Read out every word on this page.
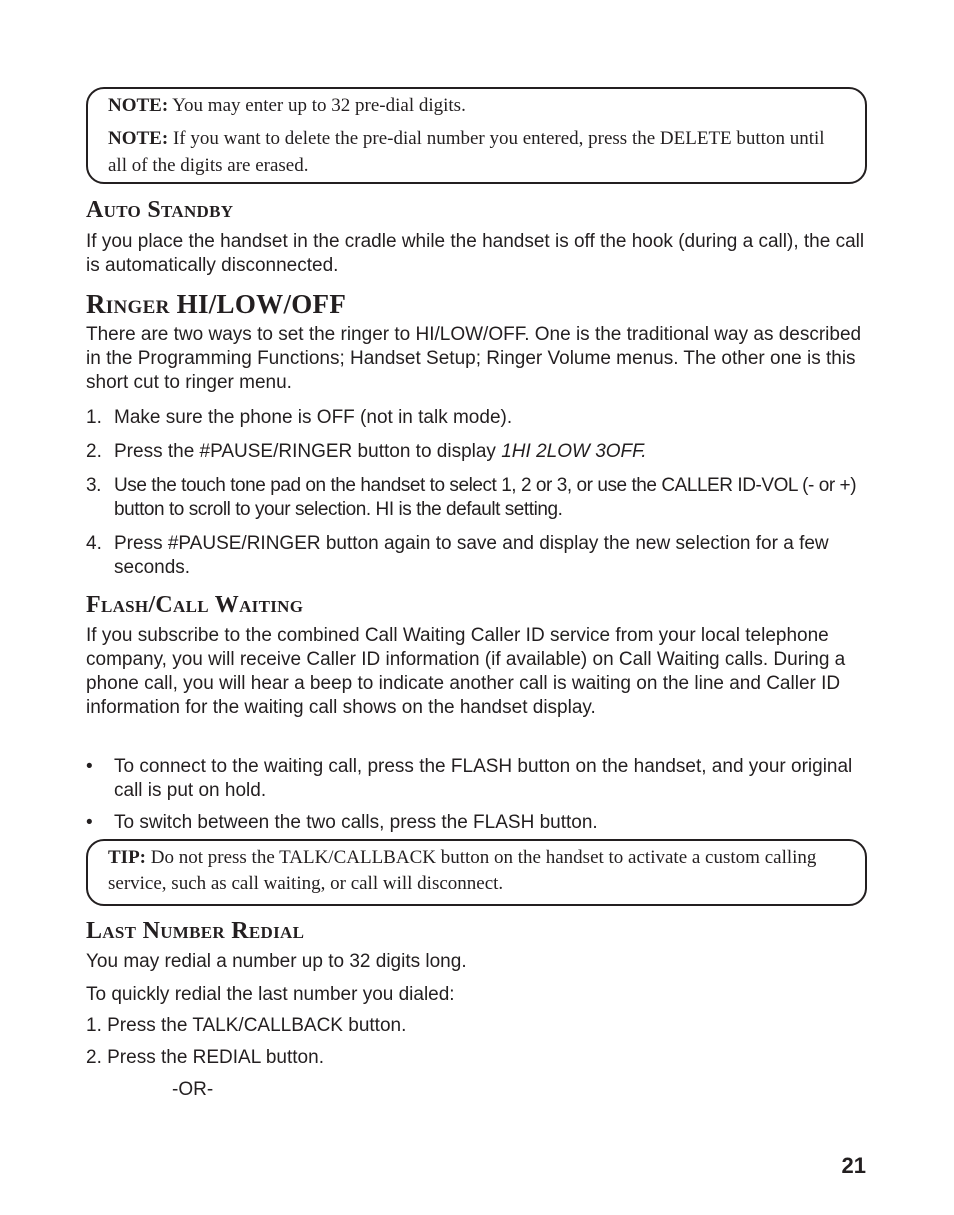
NOTE: You may enter up to 32 pre-dial digits.

NOTE: If you want to delete the pre-dial number you entered, press the DELETE button until all of the digits are erased.

Auto Standby

If you place the handset in the cradle while the handset is off the hook (during a call), the call is automatically disconnected.

Ringer HI/LOW/OFF

There are two ways to set the ringer to HI/LOW/OFF. One is the traditional way as described in the Programming Functions; Handset Setup; Ringer Volume menus. The other one is this short cut to ringer menu.

1. Make sure the phone is OFF (not in talk mode).
2. Press the #PAUSE/RINGER button to display 1HI 2LOW 3OFF.
3. Use the touch tone pad on the handset to select 1, 2 or 3, or use the CALLER ID-VOL (- or +) button to scroll to your selection. HI is the default setting.
4. Press #PAUSE/RINGER button again to save and display the new selection for a few seconds.
Flash/Call Waiting

If you subscribe to the combined Call Waiting Caller ID service from your local telephone company, you will receive Caller ID information (if available) on Call Waiting calls. During a phone call, you will hear a beep to indicate another call is waiting on the line and Caller ID information for the waiting call shows on the handset display.

• To connect to the waiting call, press the FLASH button on the handset, and your original call is put on hold.
• To switch between the two calls, press the FLASH button.

TIP: Do not press the TALK/CALLBACK button on the handset to activate a custom calling service, such as call waiting, or call will disconnect.

Last Number Redial

You may redial a number up to 32 digits long.

To quickly redial the last number you dialed:

1. Press the TALK/CALLBACK button.

2. Press the REDIAL button.

-OR-

21
